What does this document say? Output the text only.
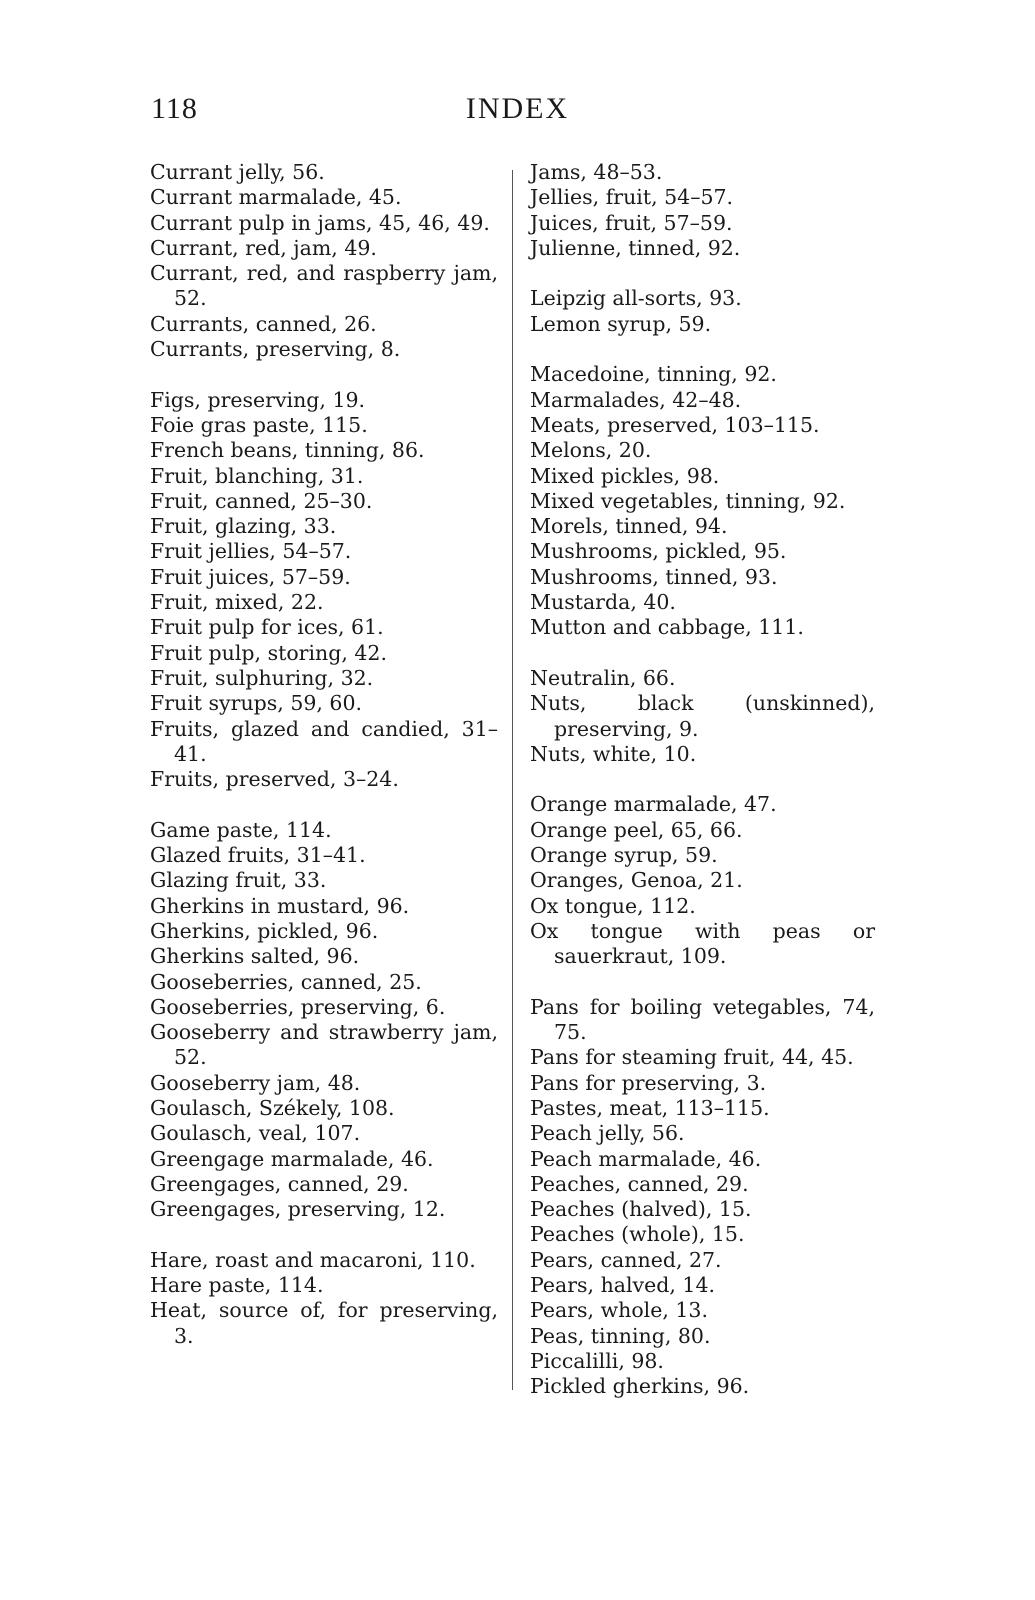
118	INDEX
Currant jelly, 56.
Currant marmalade, 45.
Currant pulp in jams, 45, 46, 49.
Currant, red, jam, 49.
Currant, red, and raspberry jam, 52.
Currants, canned, 26.
Currants, preserving, 8.
Figs, preserving, 19.
Foie gras paste, 115.
French beans, tinning, 86.
Fruit, blanching, 31.
Fruit, canned, 25–30.
Fruit, glazing, 33.
Fruit jellies, 54–57.
Fruit juices, 57–59.
Fruit, mixed, 22.
Fruit pulp for ices, 61.
Fruit pulp, storing, 42.
Fruit, sulphuring, 32.
Fruit syrups, 59, 60.
Fruits, glazed and candied, 31–41.
Fruits, preserved, 3–24.
Game paste, 114.
Glazed fruits, 31–41.
Glazing fruit, 33.
Gherkins in mustard, 96.
Gherkins, pickled, 96.
Gherkins salted, 96.
Gooseberries, canned, 25.
Gooseberries, preserving, 6.
Gooseberry and strawberry jam, 52.
Gooseberry jam, 48.
Goulasch, Székely, 108.
Goulasch, veal, 107.
Greengage marmalade, 46.
Greengages, canned, 29.
Greengages, preserving, 12.
Hare, roast and macaroni, 110.
Hare paste, 114.
Heat, source of, for preserving, 3.
Jams, 48–53.
Jellies, fruit, 54–57.
Juices, fruit, 57–59.
Julienne, tinned, 92.
Leipzig all-sorts, 93.
Lemon syrup, 59.
Macedoine, tinning, 92.
Marmalades, 42–48.
Meats, preserved, 103–115.
Melons, 20.
Mixed pickles, 98.
Mixed vegetables, tinning, 92.
Morels, tinned, 94.
Mushrooms, pickled, 95.
Mushrooms, tinned, 93.
Mustarda, 40.
Mutton and cabbage, 111.
Neutralin, 66.
Nuts, black (unskinned), preserving, 9.
Nuts, white, 10.
Orange marmalade, 47.
Orange peel, 65, 66.
Orange syrup, 59.
Oranges, Genoa, 21.
Ox tongue, 112.
Ox tongue with peas or sauerkraut, 109.
Pans for boiling vetegables, 74, 75.
Pans for steaming fruit, 44, 45.
Pans for preserving, 3.
Pastes, meat, 113–115.
Peach jelly, 56.
Peach marmalade, 46.
Peaches, canned, 29.
Peaches (halved), 15.
Peaches (whole), 15.
Pears, canned, 27.
Pears, halved, 14.
Pears, whole, 13.
Peas, tinning, 80.
Piccalilli, 98.
Pickled gherkins, 96.
